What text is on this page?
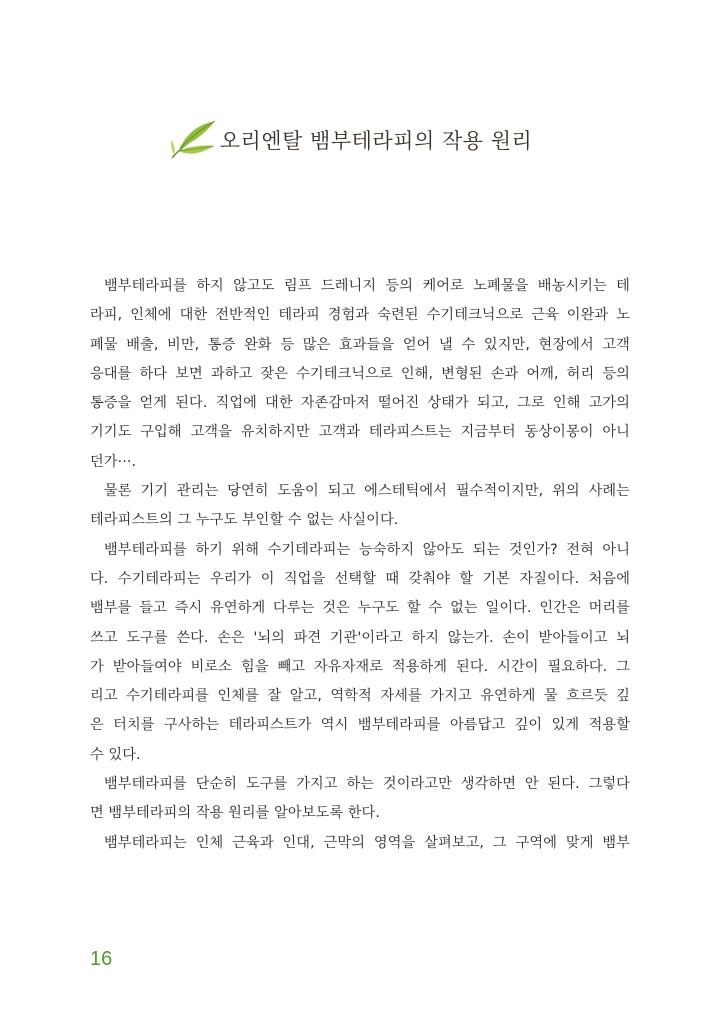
오리엔탈 뱀부테라피의 작용 원리
뱀부테라피를 하지 않고도 림프 드레니지 등의 케어로 노폐물을 배농시키는 테
라피, 인체에 대한 전반적인 테라피 경험과 숙련된 수기테크닉으로 근육 이완과 노
폐물 배출, 비만, 통증 완화 등 많은 효과들을 얻어 낼 수 있지만, 현장에서 고객
응대를 하다 보면 과하고 잦은 수기테크닉으로 인해, 변형된 손과 어깨, 허리 등의
통증을 얻게 된다. 직업에 대한 자존감마저 떨어진 상태가 되고, 그로 인해 고가의
기기도 구입해 고객을 유치하지만 고객과 테라피스트는 지금부터 동상이몽이 아니
던가···.
물론 기기 관리는 당연히 도움이 되고 에스테틱에서 필수적이지만, 위의 사례는
테라피스트의 그 누구도 부인할 수 없는 사실이다.
뱀부테라피를 하기 위해 수기테라피는 능숙하지 않아도 되는 것인가? 전혀 아니
다. 수기테라피는 우리가 이 직업을 선택할 때 갖춰야 할 기본 자질이다. 처음에
뱀부를 들고 즉시 유연하게 다루는 것은 누구도 할 수 없는 일이다. 인간은 머리를
쓰고 도구를 쓴다. 손은 '뇌의 파견 기관'이라고 하지 않는가. 손이 받아들이고 뇌
가 받아들여야 비로소 힘을 빼고 자유자재로 적용하게 된다. 시간이 필요하다. 그
리고 수기테라피를 인체를 잘 알고, 역학적 자세를 가지고 유연하게 물 흐르듯 깊
은 터치를 구사하는 테라피스트가 역시 뱀부테라피를 아름답고 깊이 있게 적용할
수 있다.
뱀부테라피를 단순히 도구를 가지고 하는 것이라고만 생각하면 안 된다. 그렇다
면 뱀부테라피의 작용 원리를 알아보도록 한다.
뱀부테라피는 인체 근육과 인대, 근막의 영역을 살펴보고, 그 구역에 맞게 뱀부
16
